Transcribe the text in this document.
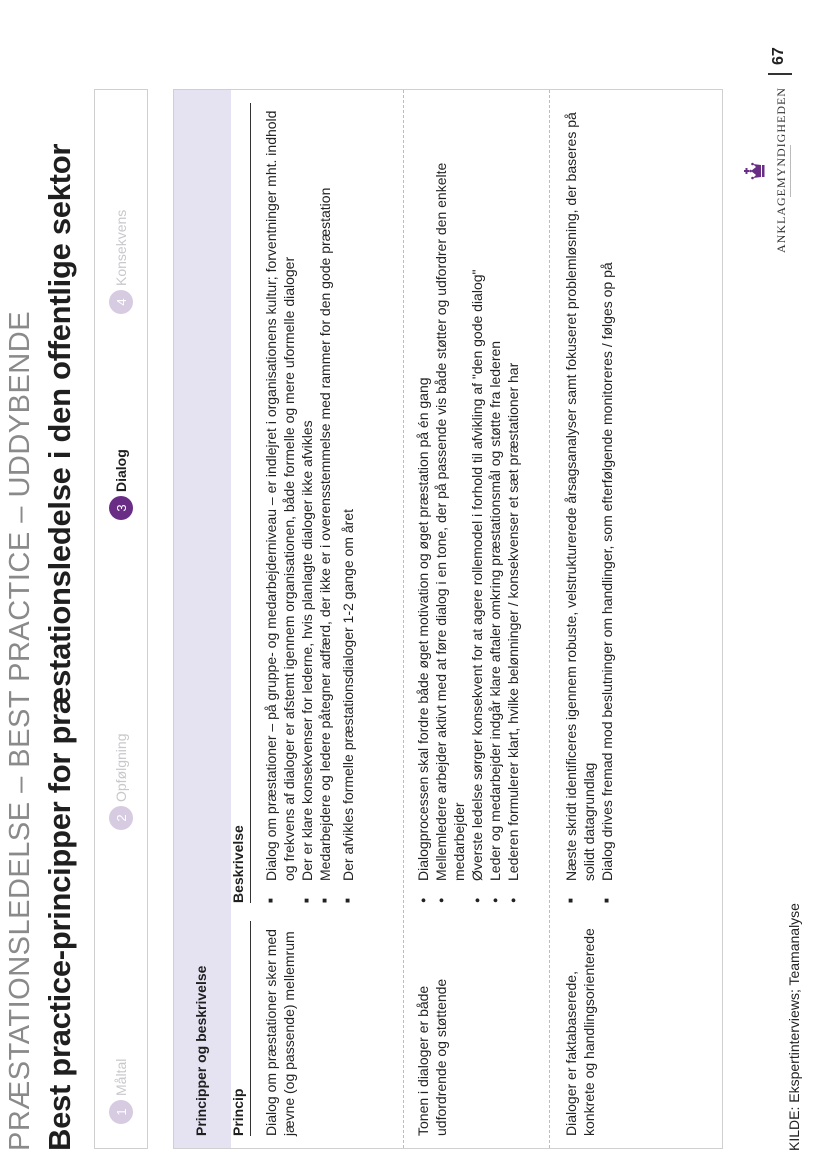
PRÆSTATIONSLEDELSE – BEST PRACTICE – UDDYBENDE Best practice-principper for præstationsledelse i den offentlige sektor	1
Måltal
2
Opfølgning
3
Dialog
4
Konsekvens
Principper og beskrivelse Princip
Beskrivelse
Dialog om præstationer sker med jævne (og passende) mellemrum
■ Dialog om præstationer – på gruppe- og medarbejderniveau – er indlejret i organisationens kultur; forventninger mht. indhold og frekvens af dialoger er afstemt igennem organisationen, både formelle og mere uformelle dialoger ■ Der er klare konsekvenser for lederne, hvis planlagte dialoger ikke afvikles ■ Medarbejdere og ledere påtegner adfærd, der ikke er i overensstemmelse med rammer for den gode præstation ■ Der afvikles formelle præstationsdialoger 1-2 gange om året
Tonen i dialoger er både udfordrende og støttende
● Dialogprocessen skal fordre både øget motivation og øget præstation på én gang ● Mellemledere arbejder aktivt med at føre dialog i en tone, der på passende vis både støtter og udfordrer den enkelte medarbejder ● Øverste ledelse sørger konsekvent for at agere rollemodel i forhold til afvikling af "den gode dialog" ● Leder og medarbejder indgår klare aftaler omkring præstationsmål og støtte fra lederen ● Lederen formulerer klart, hvilke belønninger / konsekvenser et sæt præstationer har
Dialoger er faktabaserede, konkrete og handlingsorienterede
■ Næste skridt identificeres igennem robuste, velstrukturerede årsagsanalyser samt fokuseret problemløsning, der baseres på solidt datagrundlag ■ Dialog drives fremad mod beslutninger om handlinger, som efterfølgende monitoreres / følges op på
KILDE: Ekspertinterviews; Teamanalyse
ANKLAGEMYNDIGHEDEN
67
